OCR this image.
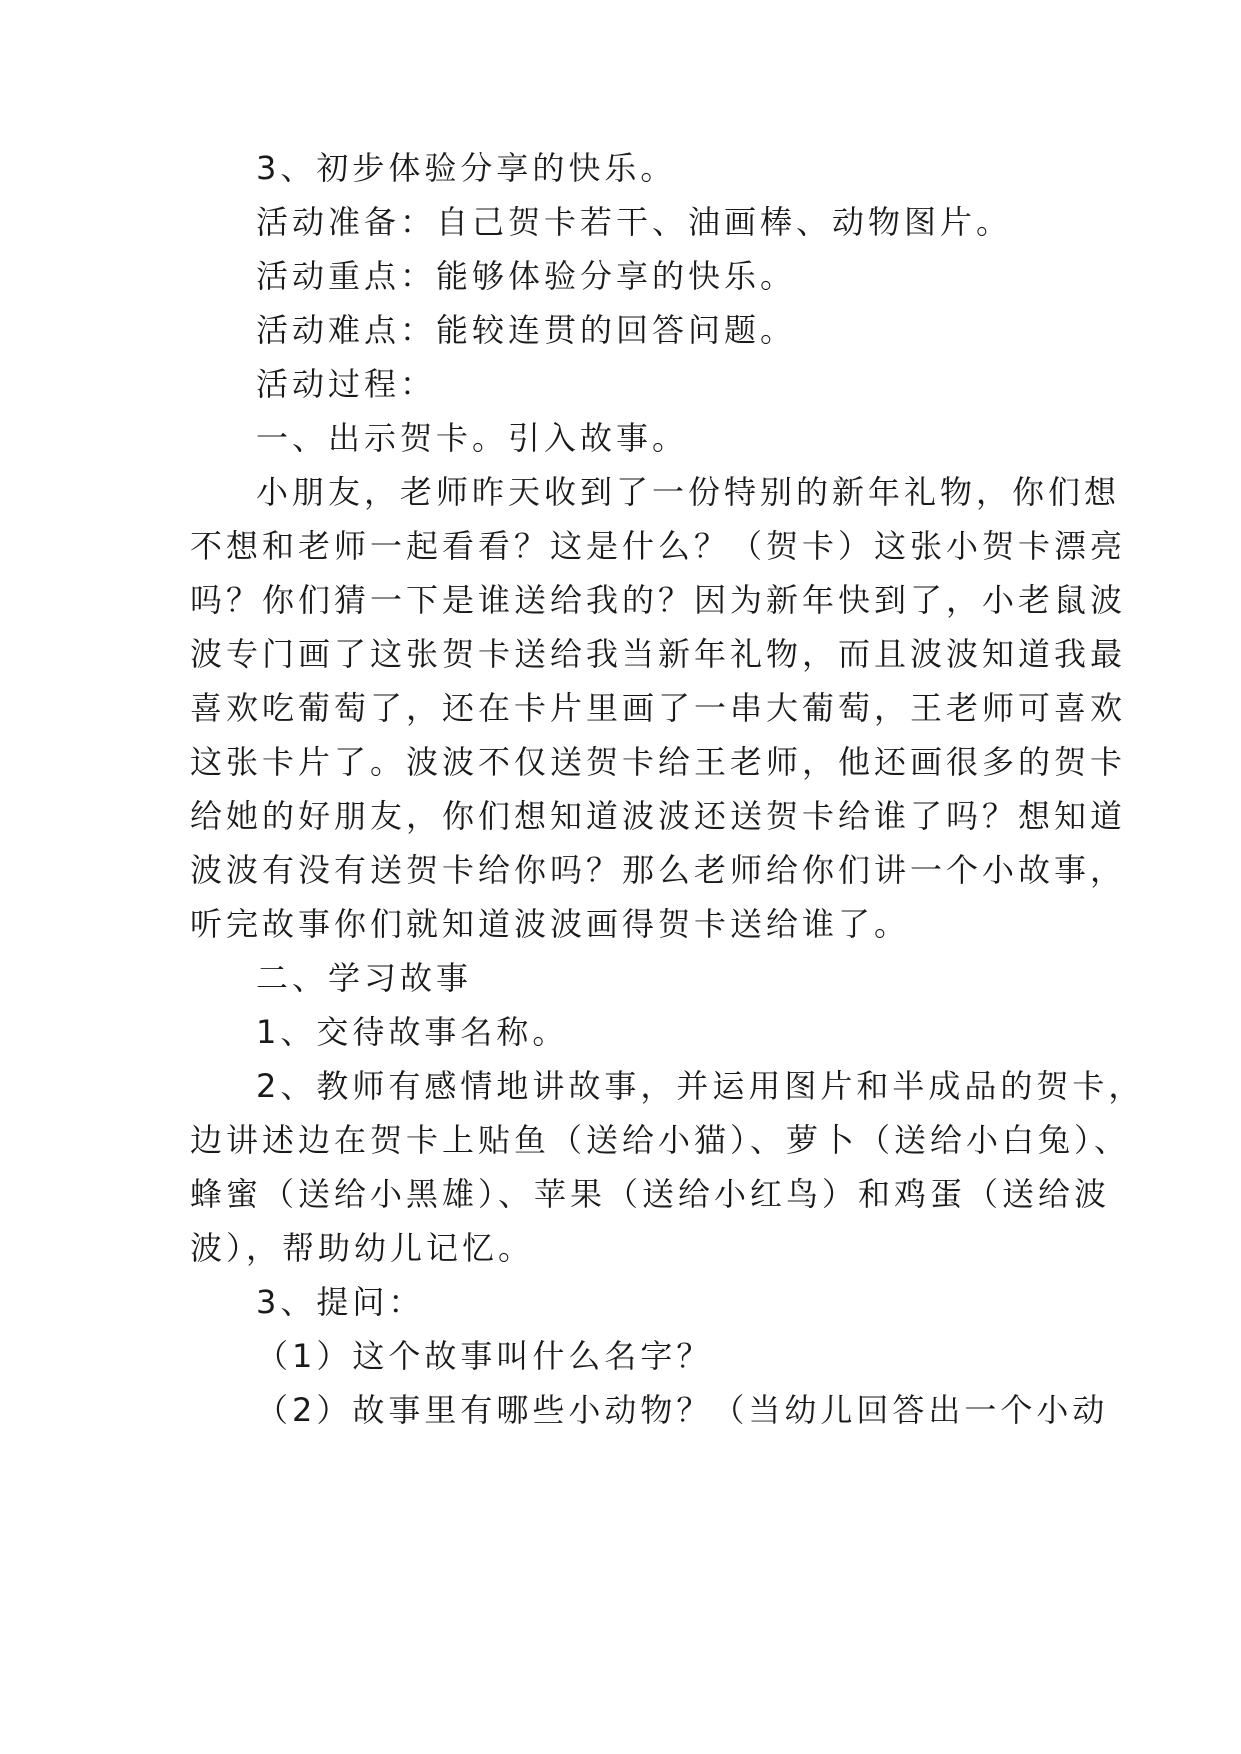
3、初步体验分享的快乐。
活动准备：自己贺卡若干、油画棒、动物图片。
活动重点：能够体验分享的快乐。
活动难点：能较连贯的回答问题。
活动过程：
一、出示贺卡。引入故事。
小朋友，老师昨天收到了一份特别的新年礼物，你们想
不想和老师一起看看？这是什么？（贺卡）这张小贺卡漂亮
吗？你们猜一下是谁送给我的？因为新年快到了，小老鼠波
波专门画了这张贺卡送给我当新年礼物，而且波波知道我最
喜欢吃葡萄了，还在卡片里画了一串大葡萄，王老师可喜欢
这张卡片了。波波不仅送贺卡给王老师，他还画很多的贺卡
给她的好朋友，你们想知道波波还送贺卡给谁了吗？想知道
波波有没有送贺卡给你吗？那么老师给你们讲一个小故事，
听完故事你们就知道波波画得贺卡送给谁了。
二、学习故事
1、交待故事名称。
2、教师有感情地讲故事，并运用图片和半成品的贺卡，
边讲述边在贺卡上贴鱼（送给小猫）、萝卜（送给小白兔）、
蜂蜜（送给小黑雄）、苹果（送给小红鸟）和鸡蛋（送给波
波），帮助幼儿记忆。
3、提问：
（1）这个故事叫什么名字？
（2）故事里有哪些小动物？（当幼儿回答出一个小动
